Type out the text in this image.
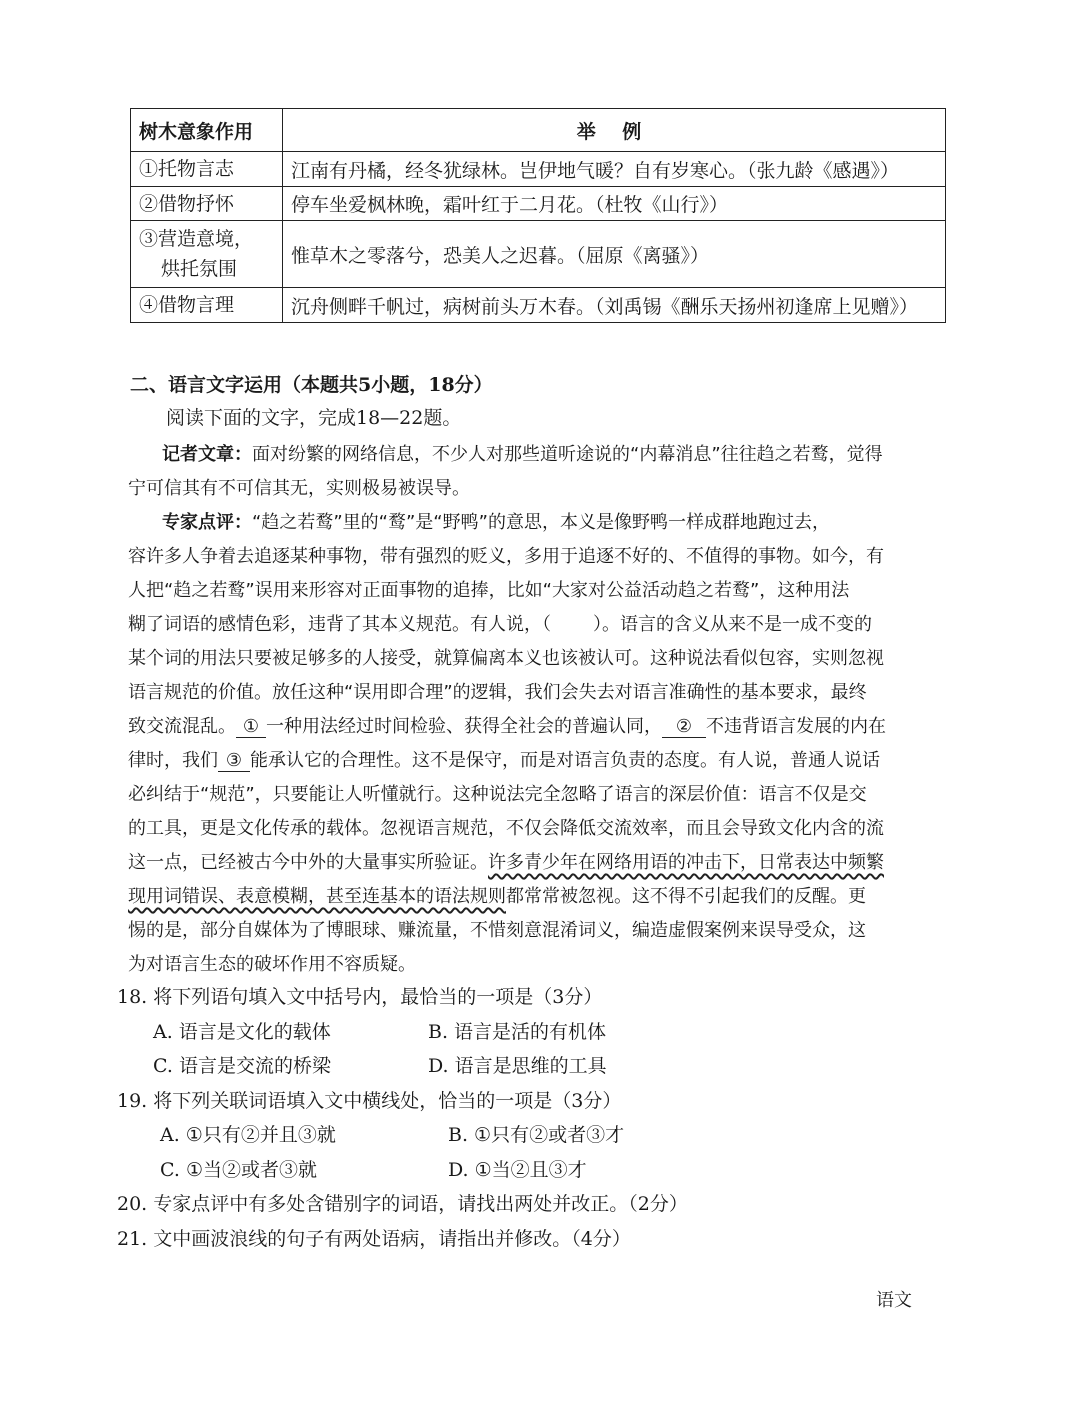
树木意象作用	举 例
①托物言志	江南有丹橘，经冬犹绿林。岂伊地气暖？自有岁寒心。（张九龄《感遇》）
②借物抒怀	停车坐爱枫林晚，霜叶红于二月花。（杜牧《山行》）

③营造意境，
烘托氛围	惟草木之零落兮，恐美人之迟暮。（屈原《离骚》）
④借物言理	沉舟侧畔千帆过，病树前头万木春。（刘禹锡《酬乐天扬州初逢席上见赠》）
二、语言文字运用（本题共5小题，18分）
阅读下面的文字，完成18—22题。
记者文章：面对纷繁的网络信息，不少人对那些道听途说的“内幕消息”往往趋之若鹜，觉得
宁可信其有不可信其无，实则极易被误导。
专家点评：“趋之若鹜”里的“鹜”是“野鸭”的意思，本义是像野鸭一样成群地跑过去，
容许多人争着去追逐某种事物，带有强烈的贬义，多用于追逐不好的、不值得的事物。如今，有
人把“趋之若鹜”误用来形容对正面事物的追捧，比如“大家对公益活动趋之若鹜”，这种用法
糊了词语的感情色彩，违背了其本义规范。有人说，（ ）。语言的含义从来不是一成不变的
某个词的用法只要被足够多的人接受，就算偏离本义也该被认可。这种说法看似包容，实则忽视
语言规范的价值。放任这种“误用即合理”的逻辑，我们会失去对语言准确性的基本要求，最终
致交流混乱。 ① 一种用法经过时间检验、获得全社会的普遍认同， ② 不违背语言发展的内在
律时，我们 ③ 能承认它的合理性。这不是保守，而是对语言负责的态度。有人说，普通人说话
必纠结于“规范”，只要能让人听懂就行。这种说法完全忽略了语言的深层价值：语言不仅是交
的工具，更是文化传承的载体。忽视语言规范，不仅会降低交流效率，而且会导致文化内含的流
这一点，已经被古今中外的大量事实所验证。许多青少年在网络用语的冲击下，日常表达中频繁
现用词错误、表意模糊，甚至连基本的语法规则都常常被忽视。这不得不引起我们的反醒。更
惕的是，部分自媒体为了博眼球、赚流量，不惜刻意混淆词义，编造虚假案例来误导受众，这
为对语言生态的破坏作用不容质疑。
18. 将下列语句填入文中括号内，最恰当的一项是（3分）
A. 语言是文化的载体	B. 语言是活的有机体
C. 语言是交流的桥梁	D. 语言是思维的工具
19. 将下列关联词语填入文中横线处，恰当的一项是（3分）
A. ①只有②并且③就	B. ①只有②或者③才
C. ①当②或者③就	D. ①当②且③才
20. 专家点评中有多处含错别字的词语，请找出两处并改正。（2分）
21. 文中画波浪线的句子有两处语病，请指出并修改。（4分）
语文
